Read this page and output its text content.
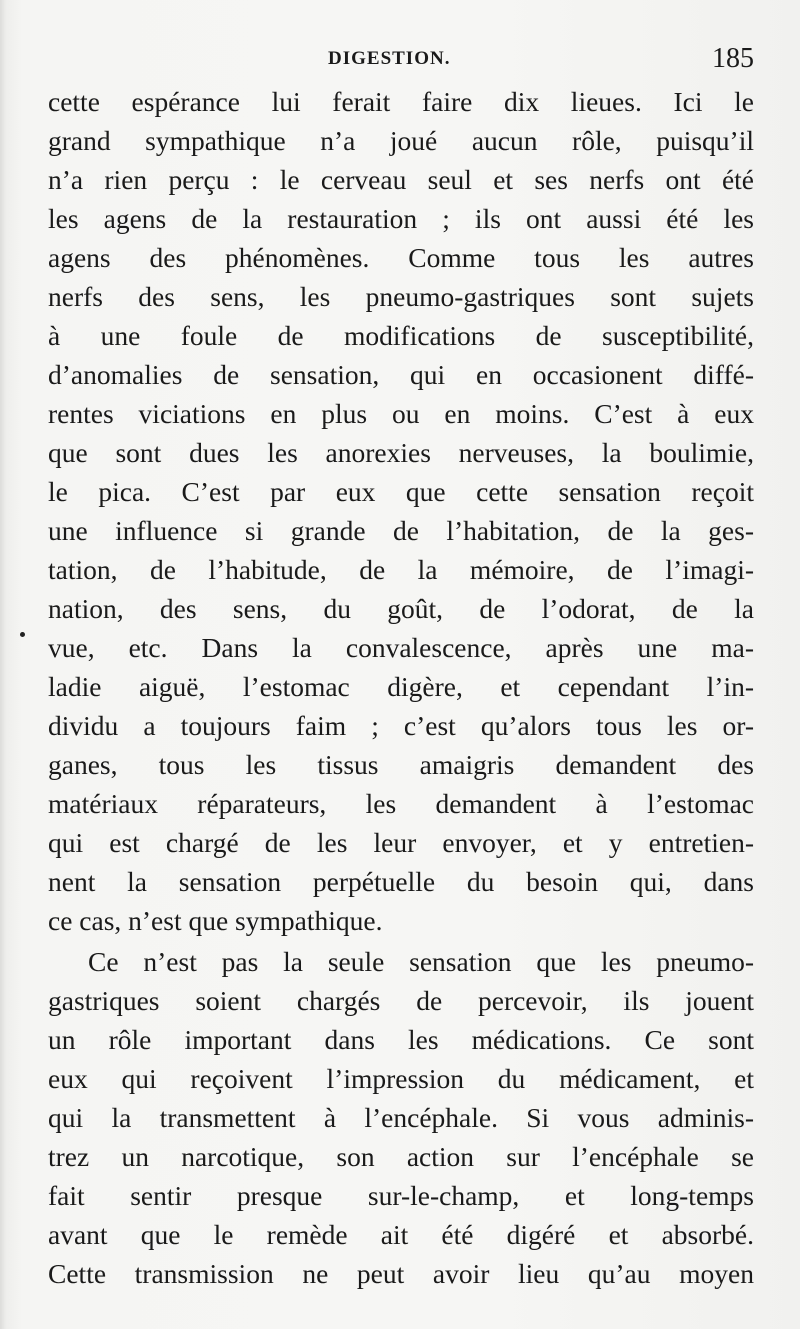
DIGESTION.	185
cette espérance lui ferait faire dix lieues. Ici le
grand sympathique n’a joué aucun rôle, puisqu’il
n’a rien perçu : le cerveau seul et ses nerfs ont été
les agens de la restauration ; ils ont aussi été les
agens des phénomènes. Comme tous les autres
nerfs des sens, les pneumo-gastriques sont sujets
à une foule de modifications de susceptibilité,
d’anomalies de sensation, qui en occasionent diffé-
rentes viciations en plus ou en moins. C’est à eux
que sont dues les anorexies nerveuses, la boulimie,
le pica. C’est par eux que cette sensation reçoit
une influence si grande de l’habitation, de la ges-
tation, de l’habitude, de la mémoire, de l’imagi-
nation, des sens, du goût, de l’odorat, de la
vue, etc. Dans la convalescence, après une ma-
ladie aiguë, l’estomac digère, et cependant l’in-
dividu a toujours faim ; c’est qu’alors tous les or-
ganes, tous les tissus amaigris demandent des
matériaux réparateurs, les demandent à l’estomac
qui est chargé de les leur envoyer, et y entretien-
nent la sensation perpétuelle du besoin qui, dans
ce cas, n’est que sympathique.
Ce n’est pas la seule sensation que les pneumo-
gastriques soient chargés de percevoir, ils jouent
un rôle important dans les médications. Ce sont
eux qui reçoivent l’impression du médicament, et
qui la transmettent à l’encéphale. Si vous adminis-
trez un narcotique, son action sur l’encéphale se
fait sentir presque sur-le-champ, et long-temps
avant que le remède ait été digéré et absorbé.
Cette transmission ne peut avoir lieu qu’au moyen
